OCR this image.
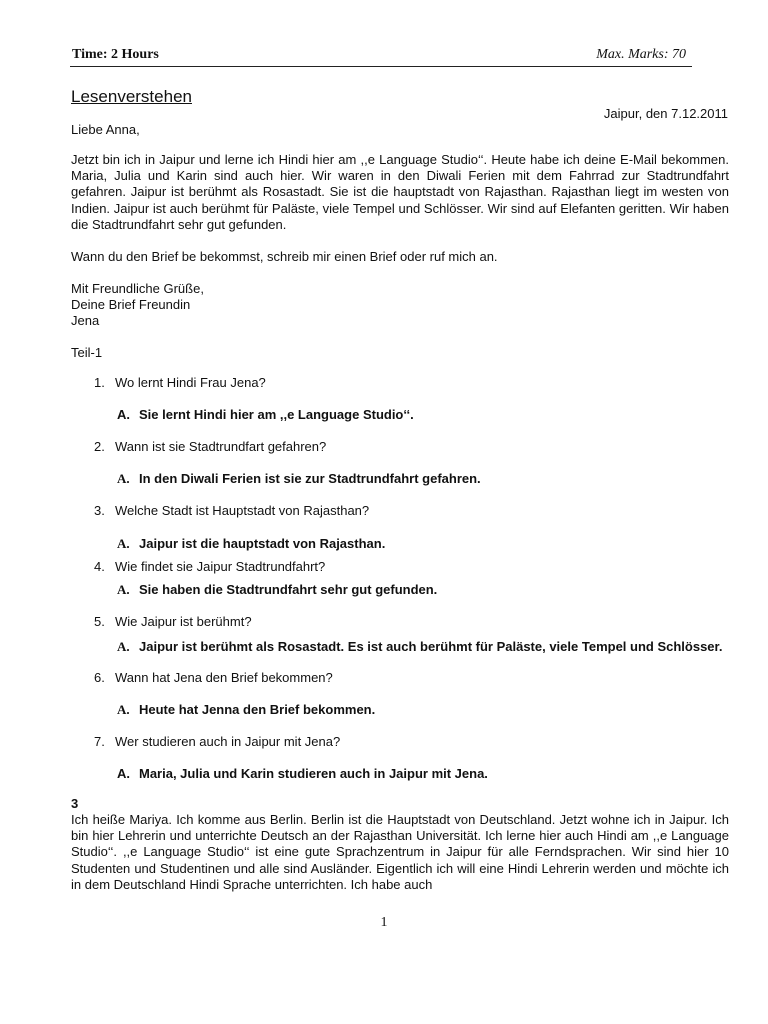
Time: 2 Hours	Max. Marks: 70
Lesenverstehen
Jaipur, den 7.12.2011
Liebe Anna,
Jetzt bin ich in Jaipur und lerne ich Hindi hier am ,,e Language Studio‘‘. Heute habe ich deine E-Mail bekommen. Maria, Julia und Karin sind auch hier. Wir waren in den Diwali Ferien mit dem Fahrrad zur Stadtrundfahrt gefahren. Jaipur ist berühmt als Rosastadt. Sie ist die hauptstadt von Rajasthan. Rajasthan liegt im westen von Indien. Jaipur ist auch berühmt für Paläste, viele Tempel und Schlösser. Wir sind auf Elefanten geritten. Wir haben die Stadtrundfahrt sehr gut gefunden.
Wann du den Brief be bekommst, schreib mir einen Brief oder ruf mich an.
Mit Freundliche Grüße,
Deine Brief Freundin
Jena
Teil-1
1. Wo lernt Hindi Frau Jena?
A. Sie lernt Hindi hier am ,,e Language Studio‘‘.
2. Wann ist sie Stadtrundfart gefahren?
A. In den Diwali Ferien ist sie zur Stadtrundfahrt gefahren.
3. Welche Stadt ist Hauptstadt von Rajasthan?
A. Jaipur ist die hauptstadt von Rajasthan.
4. Wie findet sie Jaipur Stadtrundfahrt?
A. Sie haben die Stadtrundfahrt sehr gut gefunden.
5. Wie Jaipur ist berühmt?
A. Jaipur ist berühmt als Rosastadt. Es ist auch berühmt für Paläste, viele Tempel und Schlösser.
6. Wann hat Jena den Brief bekommen?
A. Heute hat Jenna den Brief bekommen.
7. Wer studieren auch in Jaipur mit Jena?
A. Maria, Julia und Karin studieren auch in Jaipur mit Jena.
3
Ich heiße Mariya. Ich komme aus Berlin. Berlin ist die Hauptstadt von Deutschland. Jetzt wohne ich in Jaipur. Ich bin hier Lehrerin und unterrichte Deutsch an der Rajasthan Universität. Ich lerne hier auch Hindi am ,,e Language Studio‘‘. ,,e Language Studio‘‘ ist eine gute Sprachzentrum in Jaipur für alle Ferndsprachen. Wir sind hier 10 Studenten und Studentinen und alle sind Ausländer. Eigentlich ich will eine Hindi Lehrerin werden und möchte ich in dem Deutschland Hindi Sprache unterrichten. Ich habe auch
1
